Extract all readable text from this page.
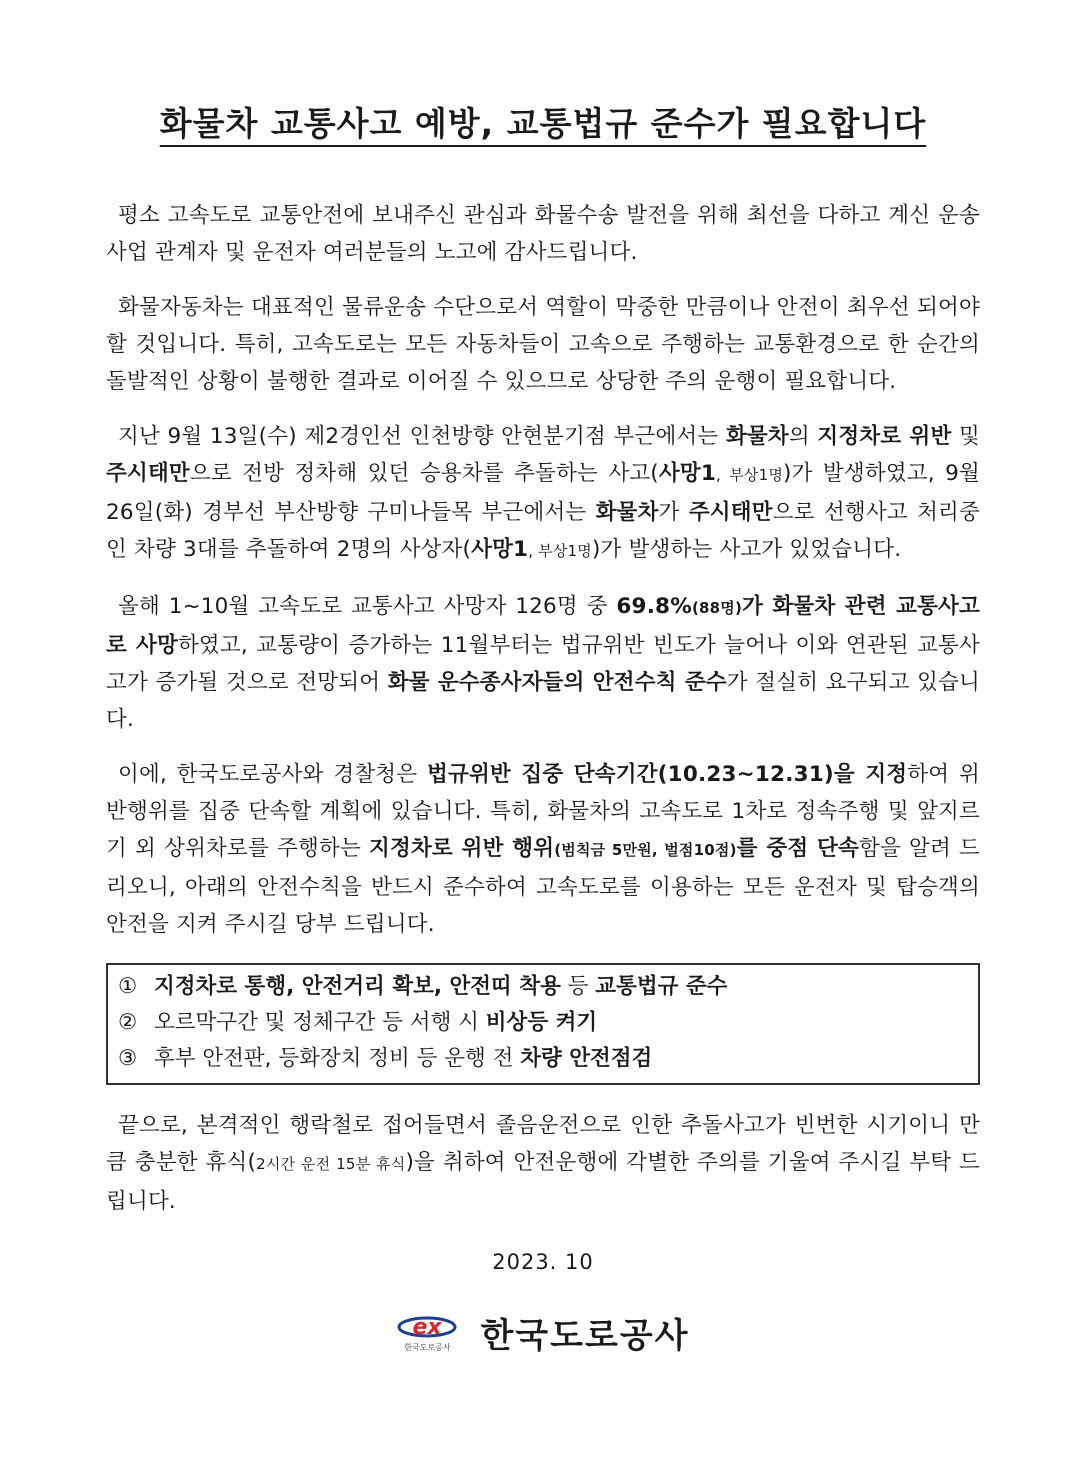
화물차 교통사고 예방, 교통법규 준수가 필요합니다

평소 고속도로 교통안전에 보내주신 관심과 화물수송 발전을 위해 최선을 다하고 계신 운송사업 관계자 및 운전자 여러분들의 노고에 감사드립니다.

화물자동차는 대표적인 물류운송 수단으로서 역할이 막중한 만큼이나 안전이 최우선 되어야 할 것입니다. 특히, 고속도로는 모든 자동차들이 고속으로 주행하는 교통환경으로 한 순간의 돌발적인 상황이 불행한 결과로 이어질 수 있으므로 상당한 주의 운행이 필요합니다.

지난 9월 13일(수) 제2경인선 인천방향 안현분기점 부근에서는 화물차의 지정차로 위반 및 주시태만으로 전방 정차해 있던 승용차를 추돌하는 사고(사망1, 부상1명)가 발생하였고, 9월 26일(화) 경부선 부산방향 구미나들목 부근에서는 화물차가 주시태만으로 선행사고 처리중인 차량 3대를 추돌하여 2명의 사상자(사망1, 부상1명)가 발생하는 사고가 있었습니다.

올해 1~10월 고속도로 교통사고 사망자 126명 중 69.8%(88명)가 화물차 관련 교통사고로 사망하였고, 교통량이 증가하는 11월부터는 법규위반 빈도가 늘어나 이와 연관된 교통사고가 증가될 것으로 전망되어 화물 운수종사자들의 안전수칙 준수가 절실히 요구되고 있습니다.

이에, 한국도로공사와 경찰청은 법규위반 집중 단속기간(10.23~12.31)을 지정하여 위반행위를 집중 단속할 계획에 있습니다. 특히, 화물차의 고속도로 1차로 정속주행 및 앞지르기 외 상위차로를 주행하는 지정차로 위반 행위(범칙금 5만원, 벌점10점)를 중점 단속함을 알려 드리오니, 아래의 안전수칙을 반드시 준수하여 고속도로를 이용하는 모든 운전자 및 탑승객의 안전을 지켜 주시길 당부 드립니다.

① 지정차로 통행, 안전거리 확보, 안전띠 착용 등 교통법규 준수
② 오르막구간 및 정체구간 등 서행 시 비상등 켜기
③ 후부 안전판, 등화장치 정비 등 운행 전 차량 안전점검

끝으로, 본격적인 행락철로 접어들면서 졸음운전으로 인한 추돌사고가 빈번한 시기이니 만큼 충분한 휴식(2시간 운전 15분 휴식)을 취하여 안전운행에 각별한 주의를 기울여 주시길 부탁 드립니다.

2023. 10
ex
한국도로공사 한국도로공사
